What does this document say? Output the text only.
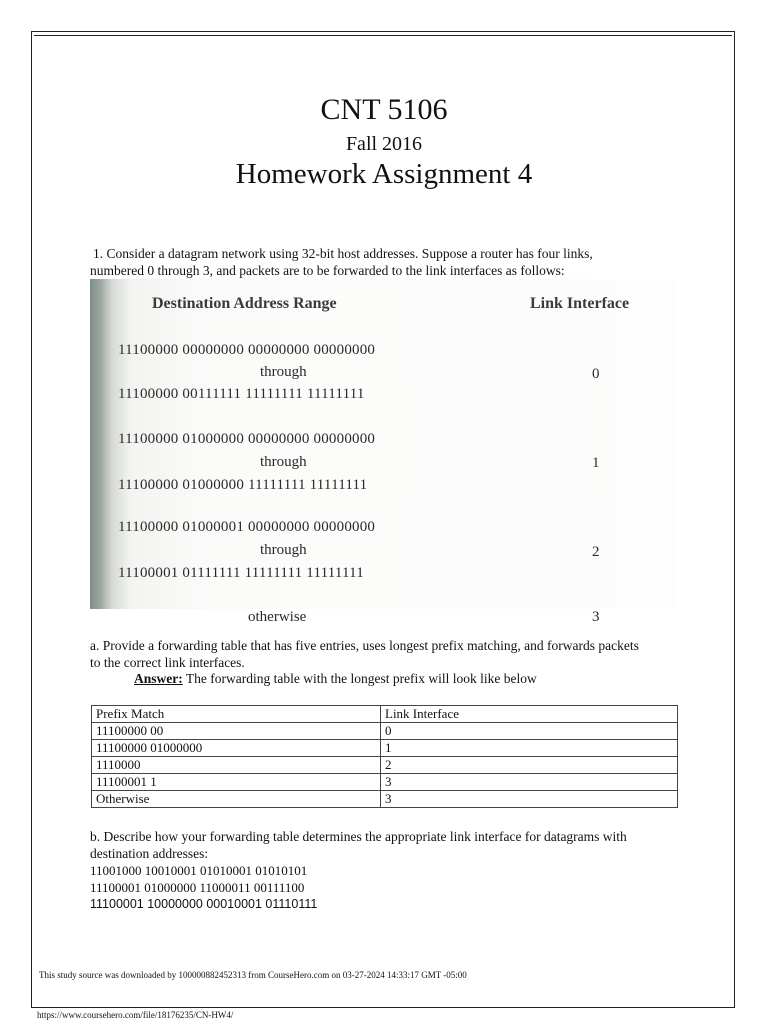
CNT 5106
Fall 2016
Homework Assignment 4
1. Consider a datagram network using 32-bit host addresses. Suppose a router has four links,
numbered 0 through 3, and packets are to be forwarded to the link interfaces as follows:
Destination Address Range	Link Interface
11100000 00000000 00000000 00000000
through
11100000 00111111 11111111 11111111
0
11100000 01000000 00000000 00000000
through
11100000 01000000 11111111 11111111
1
11100000 01000001 00000000 00000000
through
11100001 01111111 11111111 11111111
2
otherwise	3
a. Provide a forwarding table that has five entries, uses longest prefix matching, and forwards packets
to the correct link interfaces.
Answer: The forwarding table with the longest prefix will look like below
Prefix Match	Link Interface
11100000 00	0
11100000 01000000	1
1110000	2
11100001 1	3
Otherwise	3
b. Describe how your forwarding table determines the appropriate link interface for datagrams with
destination addresses:
11001000 10010001 01010001 01010101
11100001 01000000 11000011 00111100
11100001 10000000 00010001 01110111
This study source was downloaded by 100000882452313 from CourseHero.com on 03-27-2024 14:33:17 GMT -05:00
https://www.coursehero.com/file/18176235/CN-HW4/
